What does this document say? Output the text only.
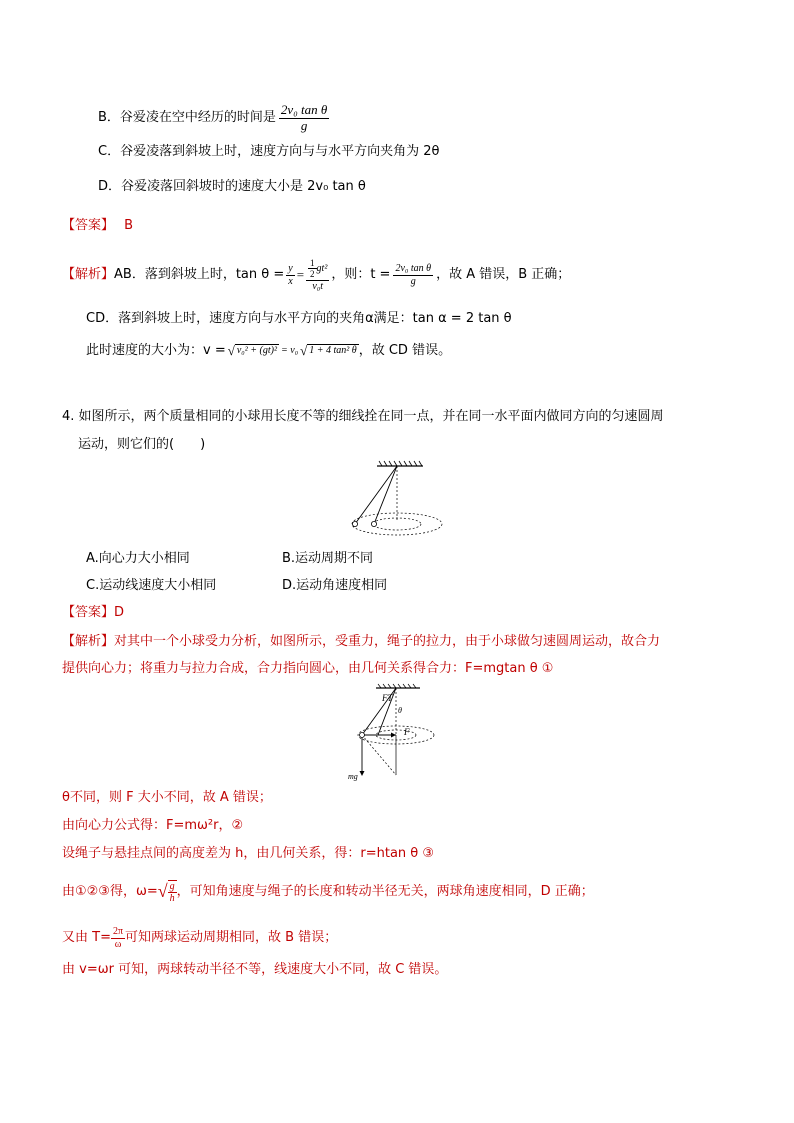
B．谷爱凌在空中经历的时间是 $\frac{\text{2v₀ tan θ}}{g}$
C．谷爱凌落到斜坡上时，速度方向与与水平方向夹角为 2θ
D．谷爱凌落回斜坡时的速度大小是 2v₀ tan θ
【答案】 B
【解析】 AB．落到斜坡上时，$\tan \theta = \frac{y}{x} = \frac{\frac{1}{2} gt^2}{\text{v₀t}}$ ，则：$t = \frac{\text{2v₀ tan θ}}{g}$ ，故 A 错误，B 正确；
CD．落到斜坡上时，速度方向与水平方向的夹角α满足：tan α = 2 tan θ
此时速度的大小为：v = √ v₀² + (gt)² = v₀ √ 1 + 4 tan² θ ，故 CD 错误。
4. 如图所示，两个质量相同的小球用长度不等的细线拴在同一点，并在同一水平面内做同方向的匀速圆周
运动，则它们的(　　)
A.向心力大小相同	B.运动周期不同
C.运动线速度大小相同	D.运动角速度相同
【答案】D
【解析】对其中一个小球受力分析，如图所示，受重力，绳子的拉力，由于小球做匀速圆周运动，故合力
提供向心力；将重力与拉力合成，合力指向圆心，由几何关系得合力：F=mgtan θ ①
FT
θ
F
mg
θ不同，则 F 大小不同，故 A 错误；
由向心力公式得：F=mω²r，②
设绳子与悬挂点间的高度差为 h，由几何关系，得：r=htan θ ③
由①②③得，ω= √ $\frac{g}{h}$ ，可知角速度与绳子的长度和转动半径无关，两球角速度相同，D 正确；
又由 $T= \frac{2\pi}{\omega}$ 可知两球运动周期相同，故 B 错误；
由 v=ωr 可知，两球转动半径不等，线速度大小不同，故 C 错误。
